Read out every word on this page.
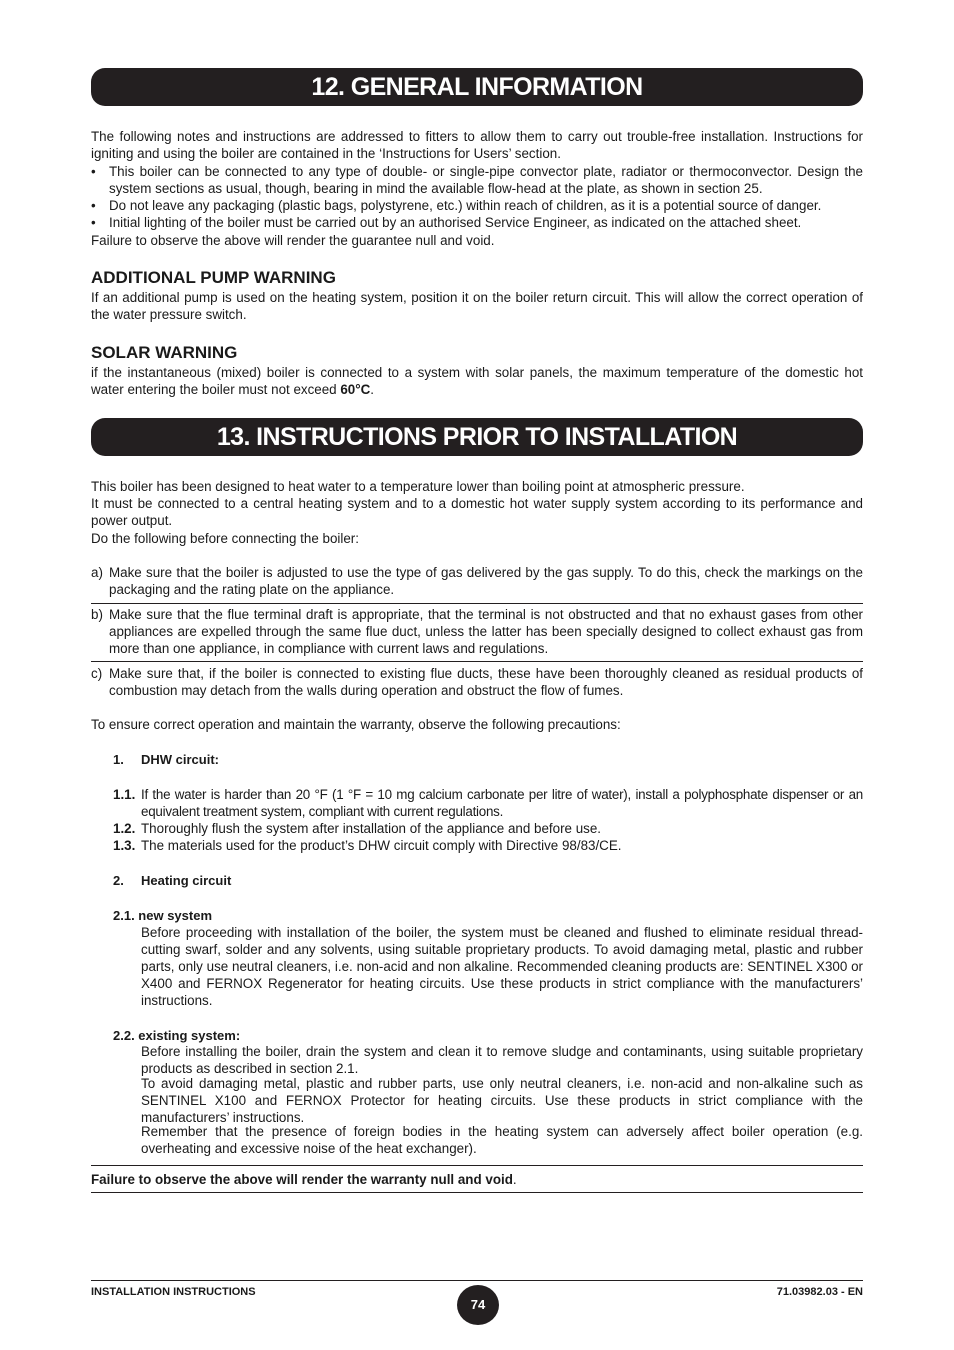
12. GENERAL INFORMATION
The following notes and instructions are addressed to fitters to allow them to carry out trouble-free installation. Instructions for igniting and using the boiler are contained in the ‘Instructions for Users’ section.
• This boiler can be connected to any type of double- or single-pipe convector plate, radiator or thermoconvector. Design the system sections as usual, though, bearing in mind the available flow-head at the plate, as shown in section 25.
• Do not leave any packaging (plastic bags, polystyrene, etc.) within reach of children, as it is a potential source of danger.
• Initial lighting of the boiler must be carried out by an authorised Service Engineer, as indicated on the attached sheet.
Failure to observe the above will render the guarantee null and void.
ADDITIONAL PUMP WARNING
If an additional pump is used on the heating system, position it on the boiler return circuit. This will allow the correct operation of the water pressure switch.
SOLAR WARNING
if the instantaneous (mixed) boiler is connected to a system with solar panels, the maximum temperature of the domestic hot water entering the boiler must not exceed 60°C.
13. INSTRUCTIONS PRIOR TO INSTALLATION
This boiler has been designed to heat water to a temperature lower than boiling point at atmospheric pressure.
It must be connected to a central heating system and to a domestic hot water supply system according to its performance and power output.
Do the following before connecting the boiler:
a) Make sure that the boiler is adjusted to use the type of gas delivered by the gas supply. To do this, check the markings on the packaging and the rating plate on the appliance.
b) Make sure that the flue terminal draft is appropriate, that the terminal is not obstructed and that no exhaust gases from other appliances are expelled through the same flue duct, unless the latter has been specially designed to collect exhaust gas from more than one appliance, in compliance with current laws and regulations.
c) Make sure that, if the boiler is connected to existing flue ducts, these have been thoroughly cleaned as residual products of combustion may detach from the walls during operation and obstruct the flow of fumes.
To ensure correct operation and maintain the warranty, observe the following precautions:
1. DHW circuit:
1.1. If the water is harder than 20 °F (1 °F = 10 mg calcium carbonate per litre of water), install a polyphosphate dispenser or an equivalent treatment system, compliant with current regulations.
1.2. Thoroughly flush the system after installation of the appliance and before use.
1.3. The materials used for the product’s DHW circuit comply with Directive 98/83/CE.
2. Heating circuit
2.1. new system
Before proceeding with installation of the boiler, the system must be cleaned and flushed to eliminate residual thread-cutting swarf, solder and any solvents, using suitable proprietary products. To avoid damaging metal, plastic and rubber parts, only use neutral cleaners, i.e. non-acid and non alkaline. Recommended cleaning products are: SENTINEL X300 or X400 and FERNOX Regenerator for heating circuits. Use these products in strict compliance with the manufacturers’ instructions.
2.2. existing system:
Before installing the boiler, drain the system and clean it to remove sludge and contaminants, using suitable proprietary products as described in section 2.1.
To avoid damaging metal, plastic and rubber parts, use only neutral cleaners, i.e. non-acid and non-alkaline such as SENTINEL X100 and FERNOX Protector for heating circuits. Use these products in strict compliance with the manufacturers’ instructions.
Remember that the presence of foreign bodies in the heating system can adversely affect boiler operation (e.g. overheating and excessive noise of the heat exchanger).
Failure to observe the above will render the warranty null and void.
INSTALLATION INSTRUCTIONS
74
71.03982.03 - EN
